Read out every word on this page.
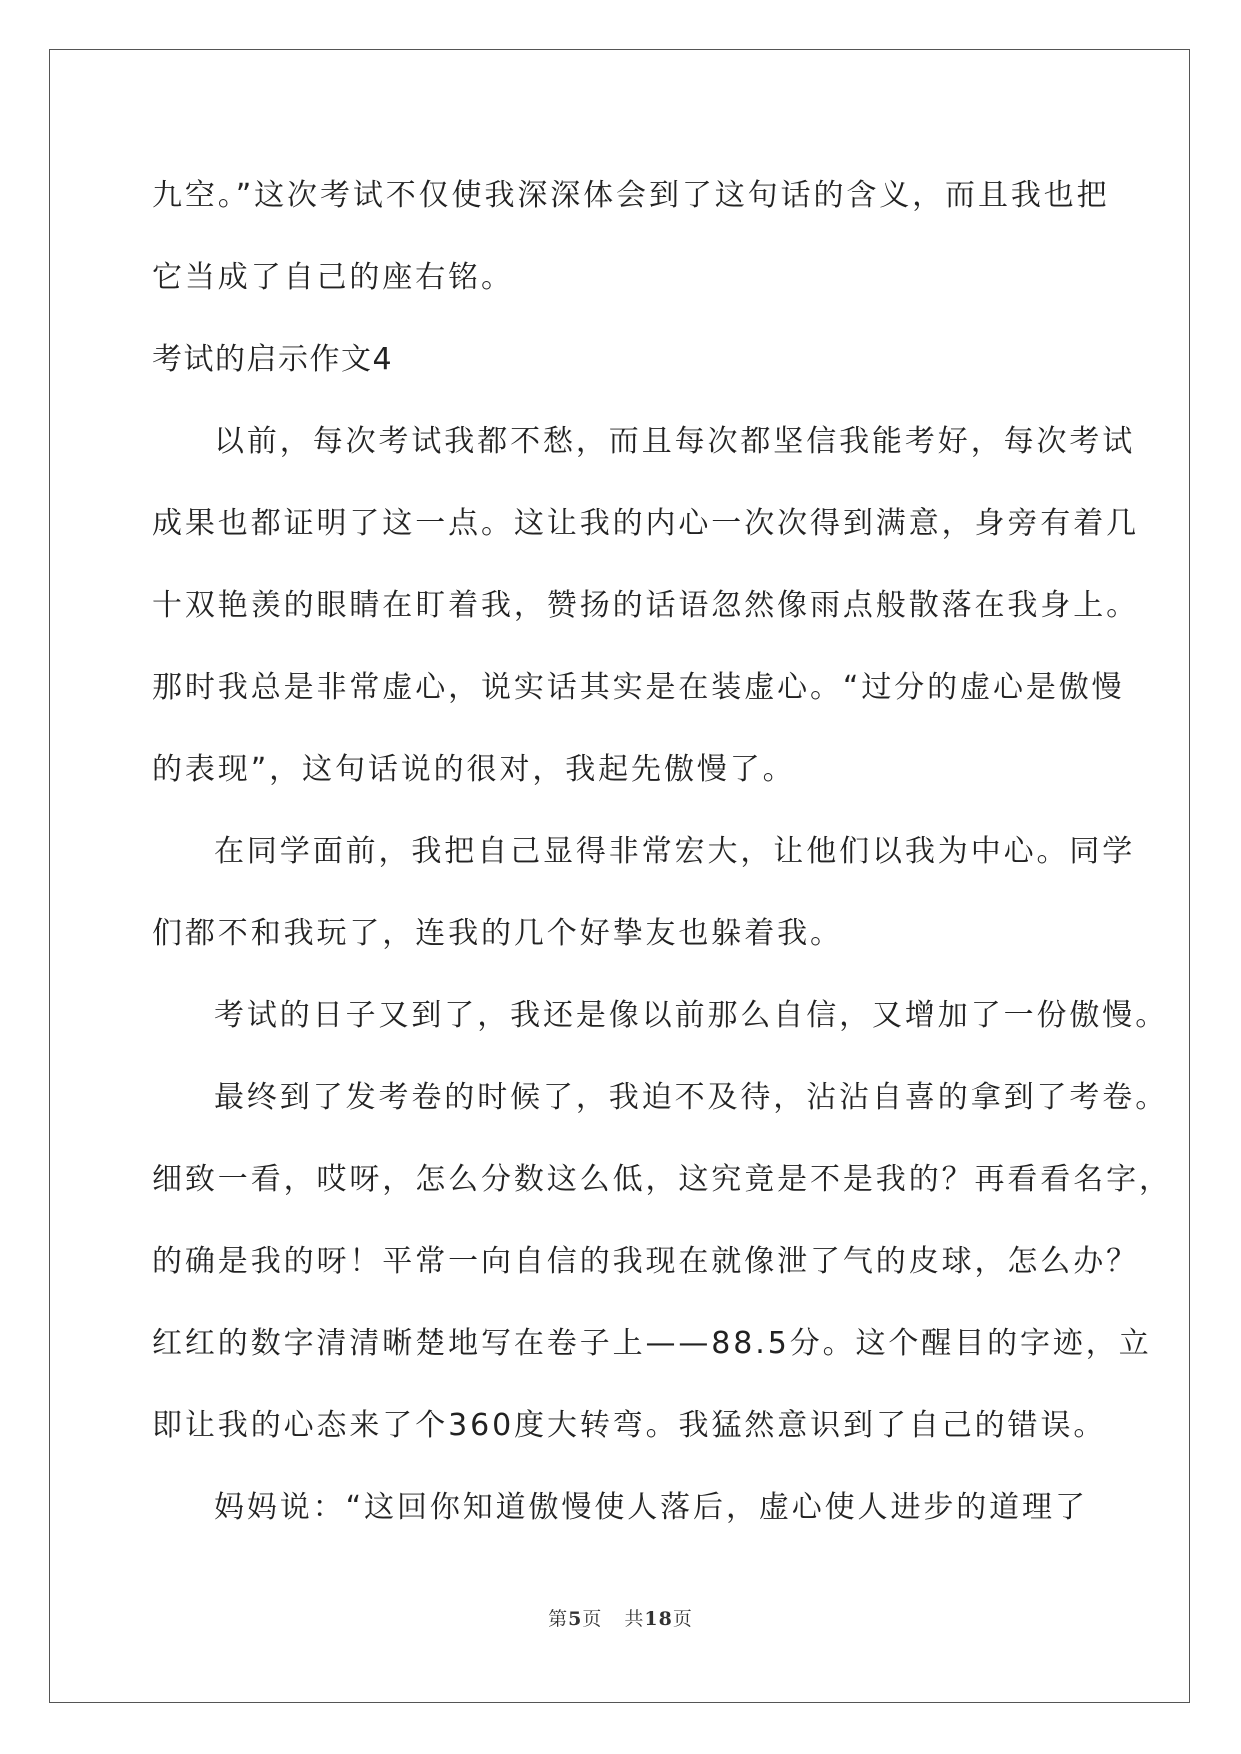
九空。”这次考试不仅使我深深体会到了这句话的含义，而且我也把
它当成了自己的座右铭。
考试的启示作文4
以前，每次考试我都不愁，而且每次都坚信我能考好，每次考试
成果也都证明了这一点。这让我的内心一次次得到满意，身旁有着几
十双艳羡的眼睛在盯着我，赞扬的话语忽然像雨点般散落在我身上。
那时我总是非常虚心，说实话其实是在装虚心。“过分的虚心是傲慢
的表现”，这句话说的很对，我起先傲慢了。
在同学面前，我把自己显得非常宏大，让他们以我为中心。同学
们都不和我玩了，连我的几个好挚友也躲着我。
考试的日子又到了，我还是像以前那么自信，又增加了一份傲慢。
最终到了发考卷的时候了，我迫不及待，沾沾自喜的拿到了考卷。
细致一看，哎呀，怎么分数这么低，这究竟是不是我的？再看看名字，
的确是我的呀！平常一向自信的我现在就像泄了气的皮球，怎么办？
红红的数字清清晰楚地写在卷子上——88.5分。这个醒目的字迹，立
即让我的心态来了个360度大转弯。我猛然意识到了自己的错误。
妈妈说：“这回你知道傲慢使人落后，虚心使人进步的道理了
第5页 共18页
